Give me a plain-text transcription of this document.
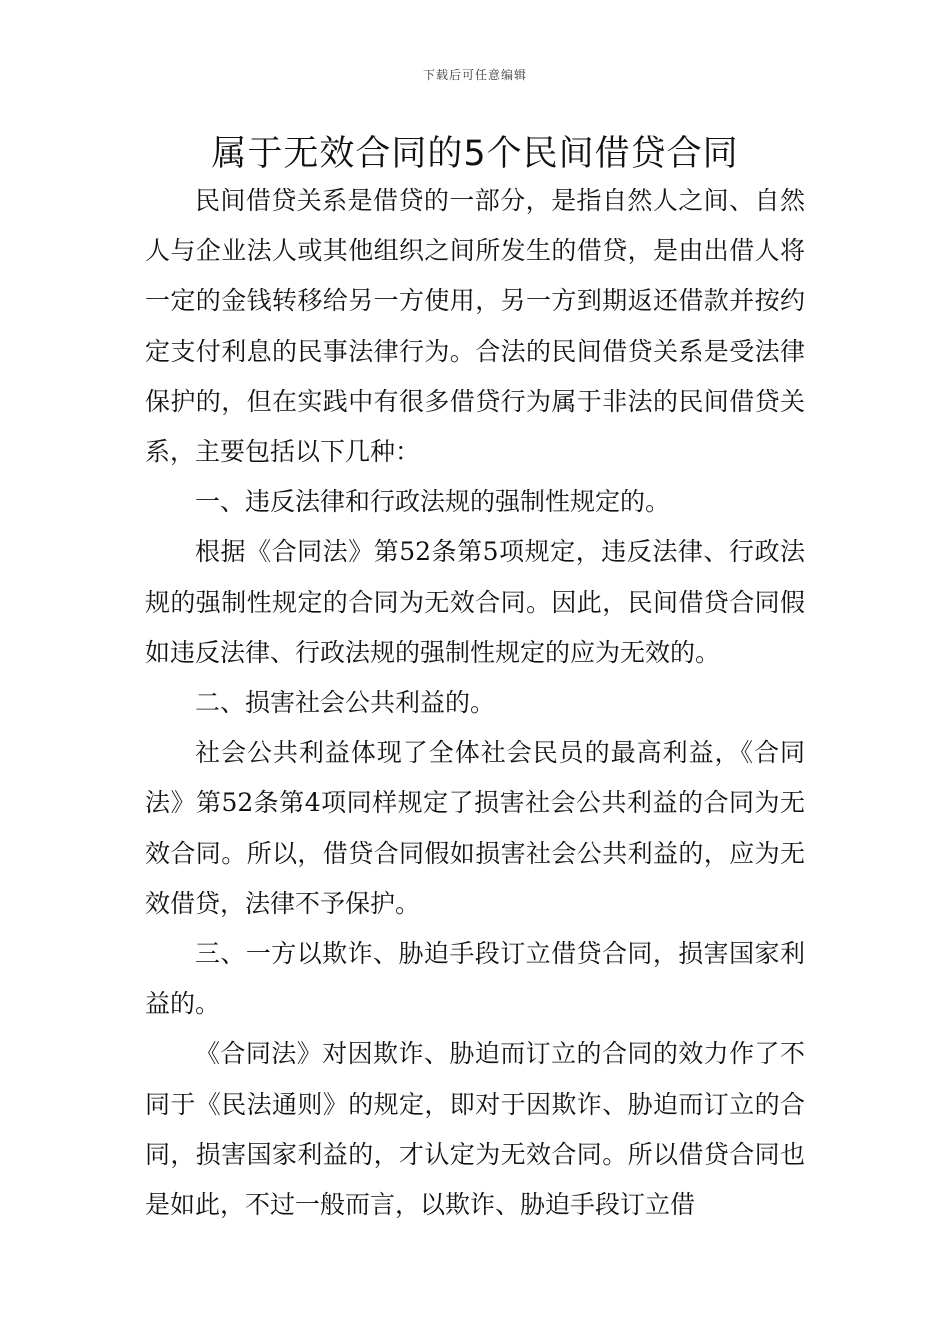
下载后可任意编辑
属于无效合同的5个民间借贷合同

民间借贷关系是借贷的一部分，是指自然人之间、自然人与企业法人或其他组织之间所发生的借贷，是由出借人将一定的金钱转移给另一方使用，另一方到期返还借款并按约定支付利息的民事法律行为。合法的民间借贷关系是受法律保护的，但在实践中有很多借贷行为属于非法的民间借贷关系，主要包括以下几种：

一、违反法律和行政法规的强制性规定的。

根据《合同法》第52条第5项规定，违反法律、行政法规的强制性规定的合同为无效合同。因此，民间借贷合同假如违反法律、行政法规的强制性规定的应为无效的。

二、损害社会公共利益的。

社会公共利益体现了全体社会民员的最高利益，《合同法》第52条第4项同样规定了损害社会公共利益的合同为无效合同。所以，借贷合同假如损害社会公共利益的，应为无效借贷，法律不予保护。

三、一方以欺诈、胁迫手段订立借贷合同，损害国家利益的。

《合同法》对因欺诈、胁迫而订立的合同的效力作了不同于《民法通则》的规定，即对于因欺诈、胁迫而订立的合同，损害国家利益的，才认定为无效合同。所以借贷合同也是如此，不过一般而言，以欺诈、胁迫手段订立借
